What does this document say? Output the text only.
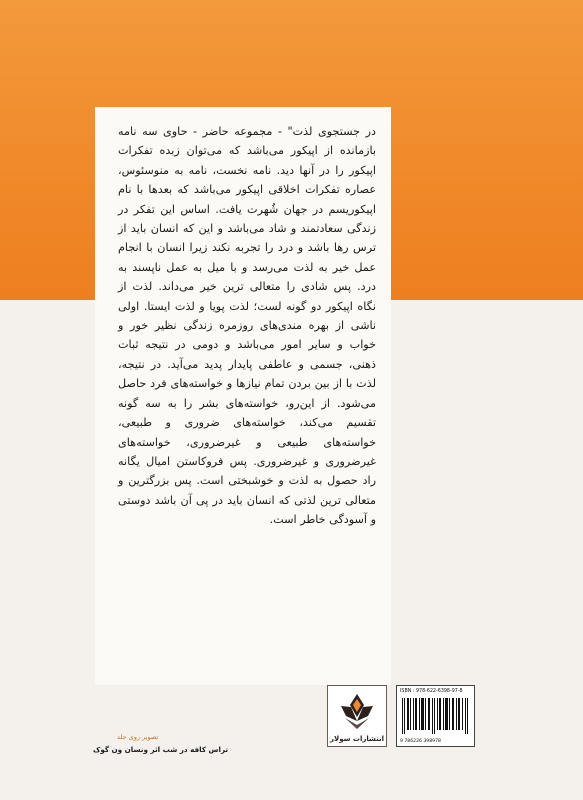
در جستجوی لذت" - مجموعه حاضر - حاوی سه نامه بازمانده از اپیکور می‌باشد که می‌توان زبده تفکرات اپیکور را در آنها دید. نامه نخست، نامه به منوسئوس، عصاره تفکرات اخلاقی اپیکور می‌باشد که بعدها با نام اپیکوریسم در جهان شُهرت یافت. اساس این تفکر در زندگی سعادتمند و شاد می‌باشد و این که انسان باید از ترس رها باشد و درد را تجربه نکند زیرا انسان با انجام عمل خیر به لذت می‌رسد و با میل به عمل ناپسند به درد. پس شادی را متعالی ترین خیر می‌داند. لذت از نگاه اپیکور دو گونه لست؛ لذت پویا و لذت ایستا. اولی ناشی از بهره مندی‌های روزمره زندگی نظیر خور و خواب و سایر امور می‌باشد و دومی در نتیجه ثبات ذهنی، جسمی و عاطفی پایدار پدید می‌آید. در نتیجه، لذت با از بین بردن تمام نیازها و خواسته‌های فرد حاصل می‌شود. از این‌رو، خواسته‌های بشر را به سه گونه تقسیم می‌کند، خواسته‌های ضروری و طبیعی، خواسته‌های طبیعی و غیرضروری، خواسته‌های غیرضروری و غیرضروری. پس فروکاستن امیال یگانه راد حصول به لذت و خوشبختی است. پس بزرگترین و متعالی ترین لذتی که انسان باید در پی آن باشد دوستی و آسودگی خاطر است.

انتشارات سولار
ISBN : 978-622-6398-97-8
9 786226 398978
تصویر روی جلد
تراس کافه در شب اثر ونسان ون گوک
